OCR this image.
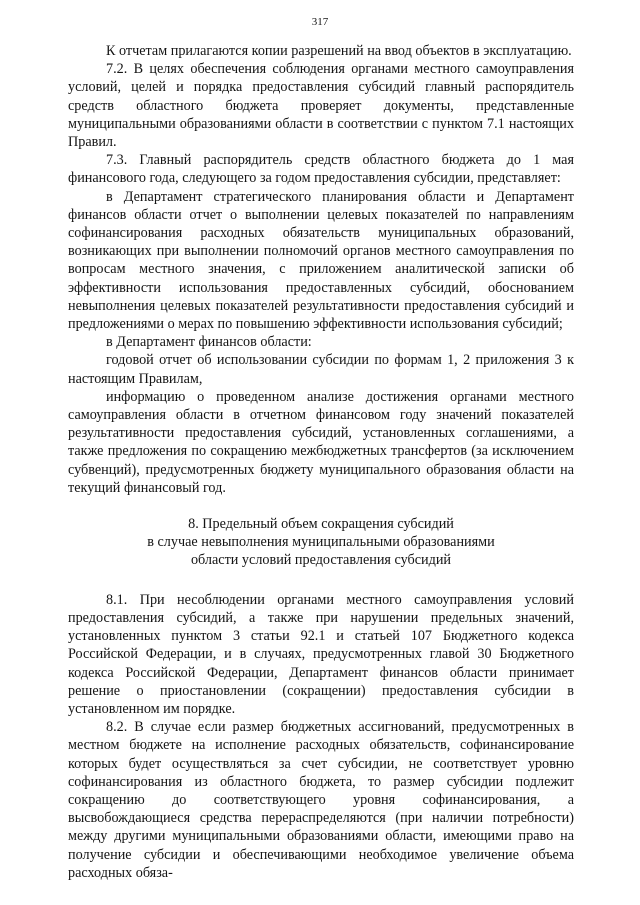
317

К отчетам прилагаются копии разрешений на ввод объектов в эксплуатацию.

7.2. В целях обеспечения соблюдения органами местного самоуправления условий, целей и порядка предоставления субсидий главный распорядитель средств областного бюджета проверяет документы, представленные муниципальными образованиями области в соответствии с пунктом 7.1 настоящих Правил.

7.3. Главный распорядитель средств областного бюджета до 1 мая финансового года, следующего за годом предоставления субсидии, представляет:

в Департамент стратегического планирования области и Департамент финансов области отчет о выполнении целевых показателей по направлениям софинансирования расходных обязательств муниципальных образований, возникающих при выполнении полномочий органов местного самоуправления по вопросам местного значения, с приложением аналитической записки об эффективности использования предоставленных субсидий, обоснованием невыполнения целевых показателей результативности предоставления субсидий и предложениями о мерах по повышению эффективности использования субсидий;

в Департамент финансов области:

годовой отчет об использовании субсидии по формам 1, 2 приложения 3 к настоящим Правилам,

информацию о проведенном анализе достижения органами местного самоуправления области в отчетном финансовом году значений показателей результативности предоставления субсидий, установленных соглашениями, а также предложения по сокращению межбюджетных трансфертов (за исключением субвенций), предусмотренных бюджету муниципального образования области на текущий финансовый год.

8. Предельный объем сокращения субсидий
в случае невыполнения муниципальными образованиями
области условий предоставления субсидий

8.1. При несоблюдении органами местного самоуправления условий предоставления субсидий, а также при нарушении предельных значений, установленных пунктом 3 статьи 92.1 и статьей 107 Бюджетного кодекса Российской Федерации, и в случаях, предусмотренных главой 30 Бюджетного кодекса Российской Федерации, Департамент финансов области принимает решение о приостановлении (сокращении) предоставления субсидии в установленном им порядке.

8.2. В случае если размер бюджетных ассигнований, предусмотренных в местном бюджете на исполнение расходных обязательств, софинансирование которых будет осуществляться за счет субсидии, не соответствует уровню софинансирования из областного бюджета, то размер субсидии подлежит сокращению до соответствующего уровня софинансирования, а высвобождающиеся средства перераспределяются (при наличии потребности) между другими муниципальными образованиями области, имеющими право на получение субсидии и обеспечивающими необходимое увеличение объема расходных обяза-
